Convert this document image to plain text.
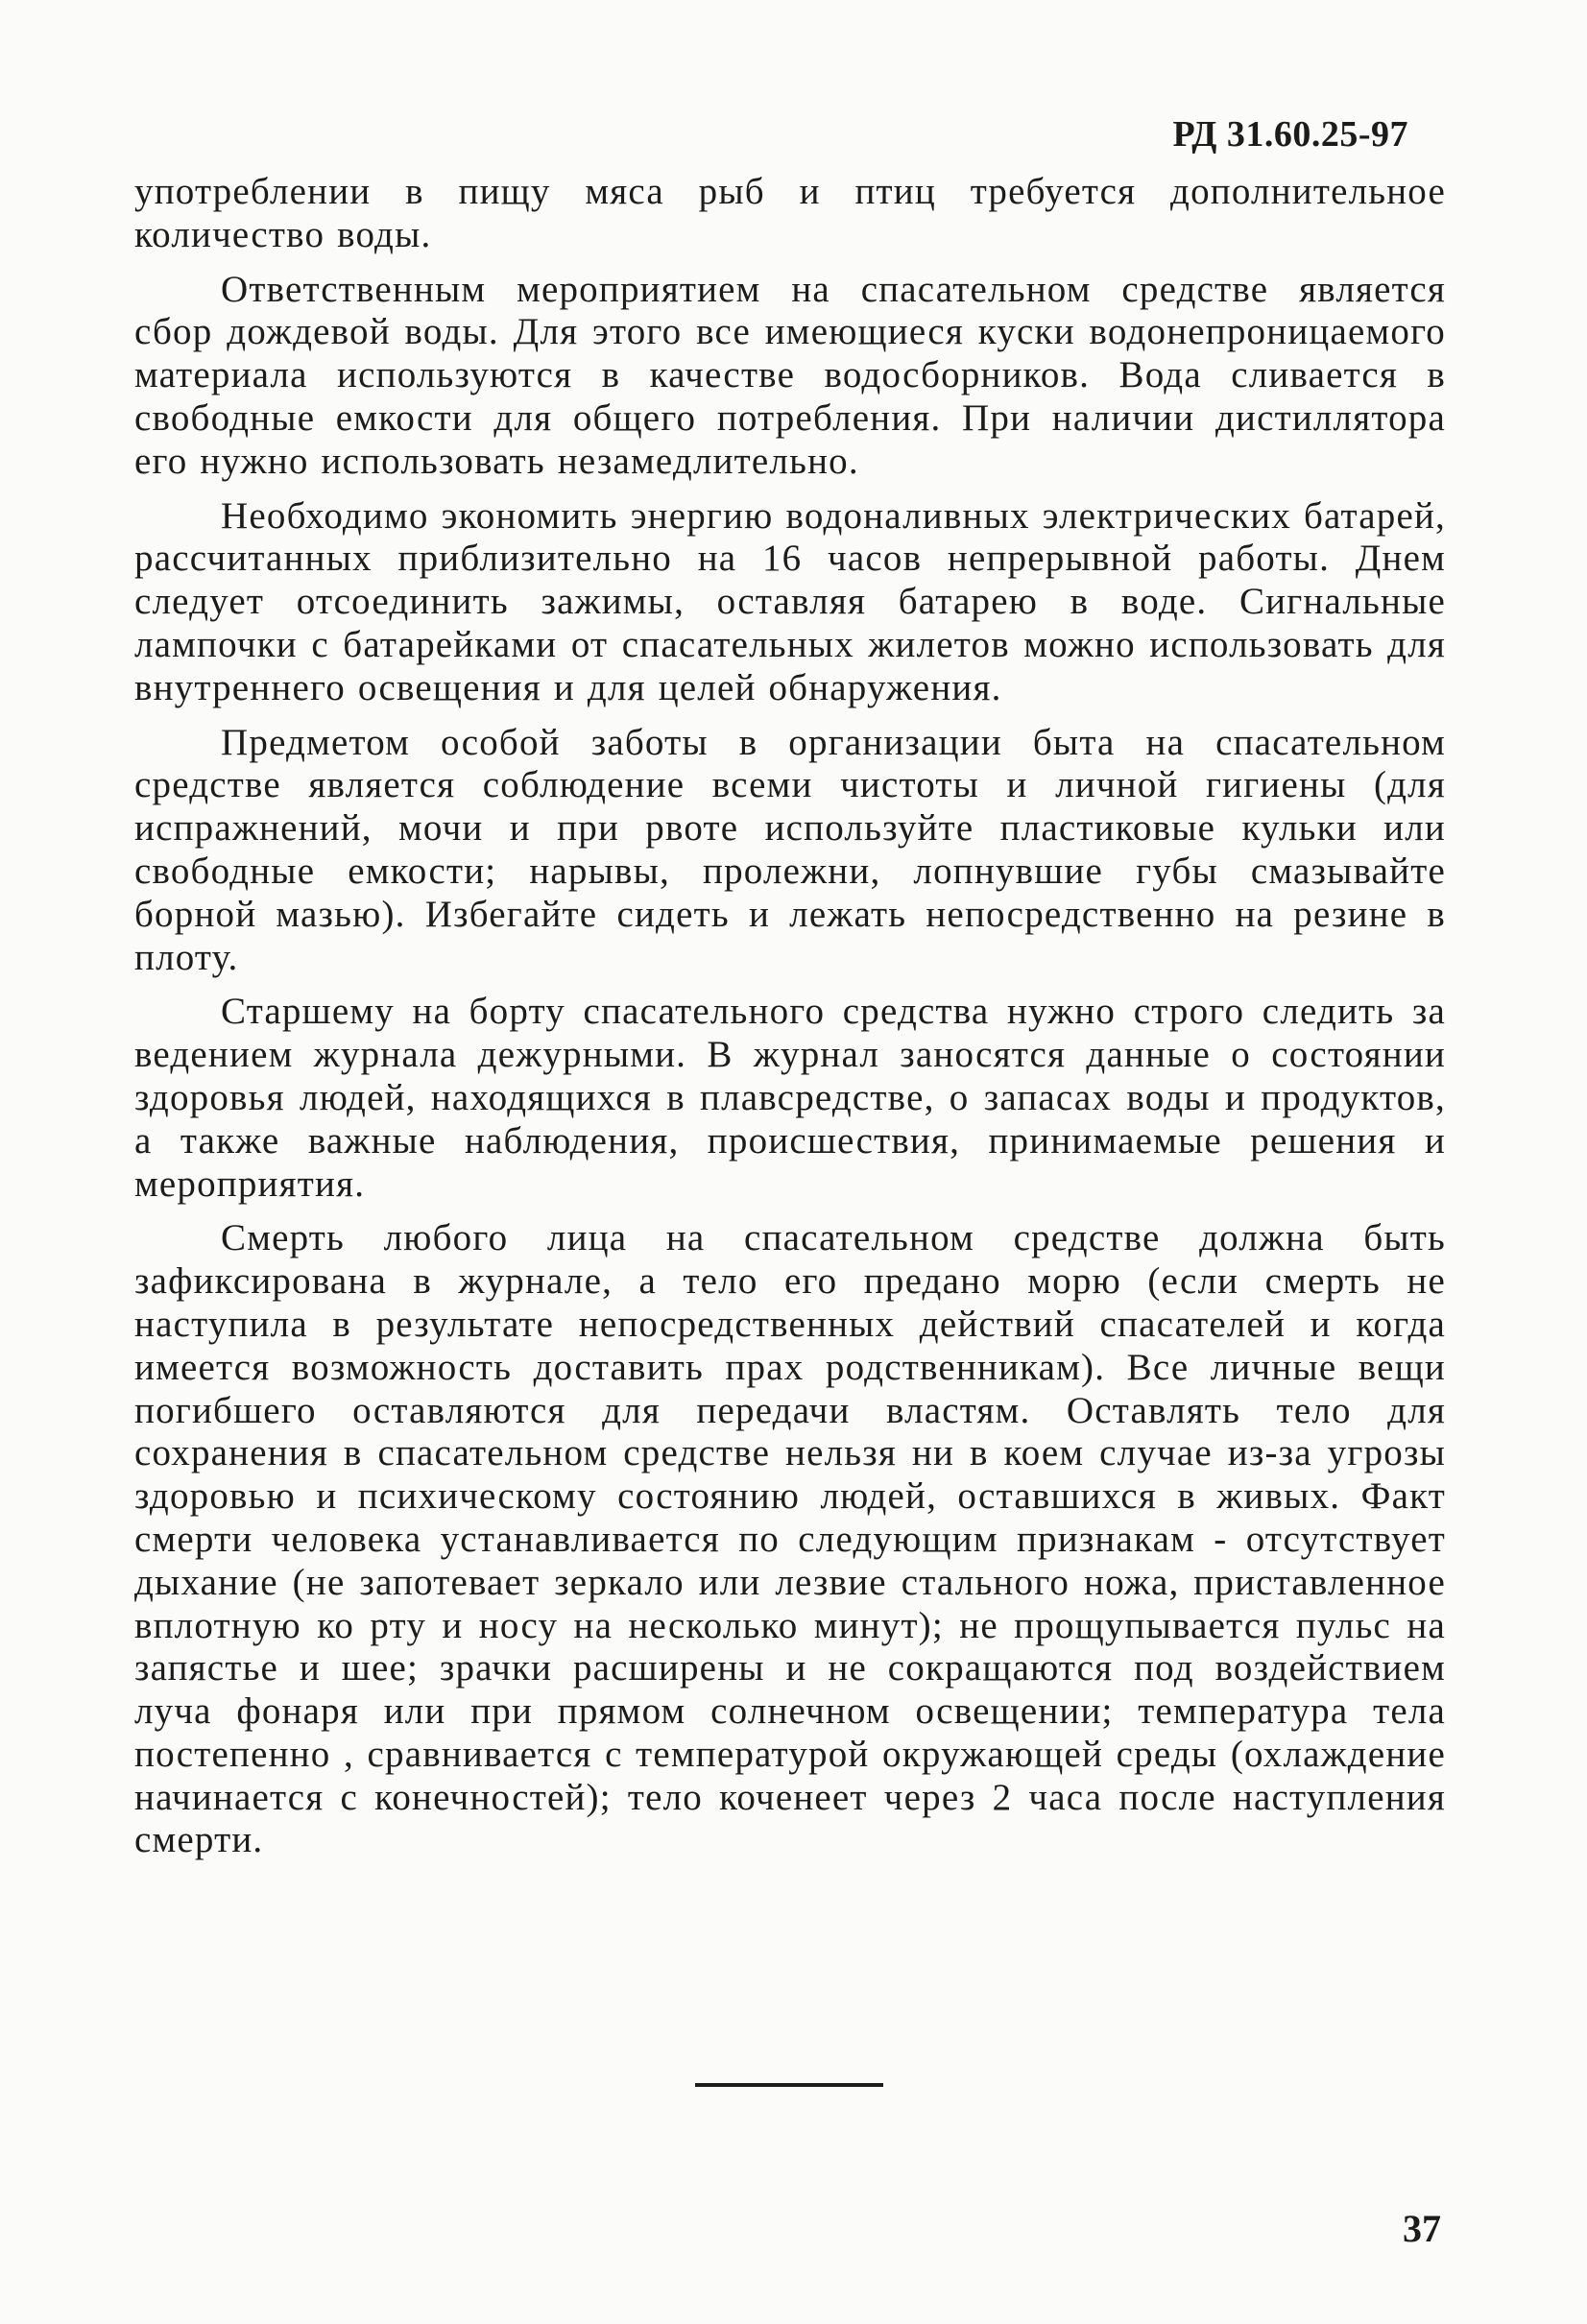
РД 31.60.25-97

употреблении в пищу мяса рыб и птиц требуется дополнительное количество воды.

Ответственным мероприятием на спасательном средстве является сбор дождевой воды. Для этого все имеющиеся куски водонепроницаемого материала используются в качестве водосборников. Вода сливается в свободные емкости для общего потребления. При наличии дистиллятора его нужно использовать незамедлительно.

Необходимо экономить энергию водоналивных электрических батарей, рассчитанных приблизительно на 16 часов непрерывной работы. Днем следует отсоединить зажимы, оставляя батарею в воде. Сигнальные лампочки с батарейками от спасательных жилетов можно использовать для внутреннего освещения и для целей обнаружения.

Предметом особой заботы в организации быта на спасательном средстве является соблюдение всеми чистоты и личной гигиены (для испражнений, мочи и при рвоте используйте пластиковые кульки или свободные емкости; нарывы, пролежни, лопнувшие губы смазывайте борной мазью). Избегайте сидеть и лежать непосредственно на резине в плоту.

Старшему на борту спасательного средства нужно строго следить за ведением журнала дежурными. В журнал заносятся данные о состоянии здоровья людей, находящихся в плавсредстве, о запасах воды и продуктов, а также важные наблюдения, происшествия, принимаемые решения и мероприятия.

Смерть любого лица на спасательном средстве должна быть зафиксирована в журнале, а тело его предано морю (если смерть не наступила в результате непосредственных действий спасателей и когда имеется возможность доставить прах родственникам). Все личные вещи погибшего оставляются для передачи властям. Оставлять тело для сохранения в спасательном средстве нельзя ни в коем случае из-за угрозы здоровью и психическому состоянию людей, оставшихся в живых. Факт смерти человека устанавливается по следующим признакам - отсутствует дыхание (не запотевает зеркало или лезвие стального ножа, приставленное вплотную ко рту и носу на несколько минут); не прощупывается пульс на запястье и шее; зрачки расширены и не сокращаются под воздействием луча фонаря или при прямом солнечном освещении; температура тела постепенно , сравнивается с температурой окружающей среды (охлаждение начинается с конечностей); тело коченеет через 2 часа после наступления смерти.

37
